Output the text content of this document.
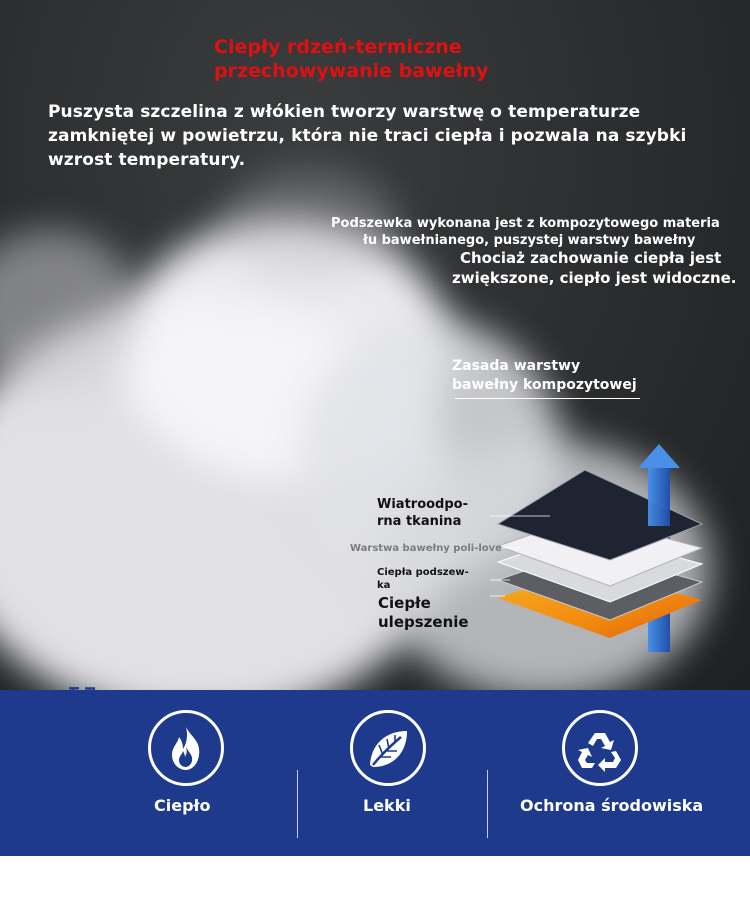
Ciepły rdzeń-termiczne
przechowywanie bawełny
Puszysta szczelina z włókien tworzy warstwę o temperaturze zamkniętej w powietrzu, która nie traci ciepła i pozwala na szybki wzrost temperatury.
Podszewka wykonana jest z kompozytowego materia
łu bawełnianego, puszystej warstwy bawełny
Chociaż zachowanie ciepła jest
zwiększone, ciepło jest widoczne.
Zasada warstwy
bawełny kompozytowej
Wiatroodpo-
rna tkanina
Warstwa bawełny poli-love
Ciepła podszew-
ka
Ciepłe
ulepszenie
Ciepło	Lekki	Ochrona środowiska
Poli-ciepła bawełna
kompozytowa
